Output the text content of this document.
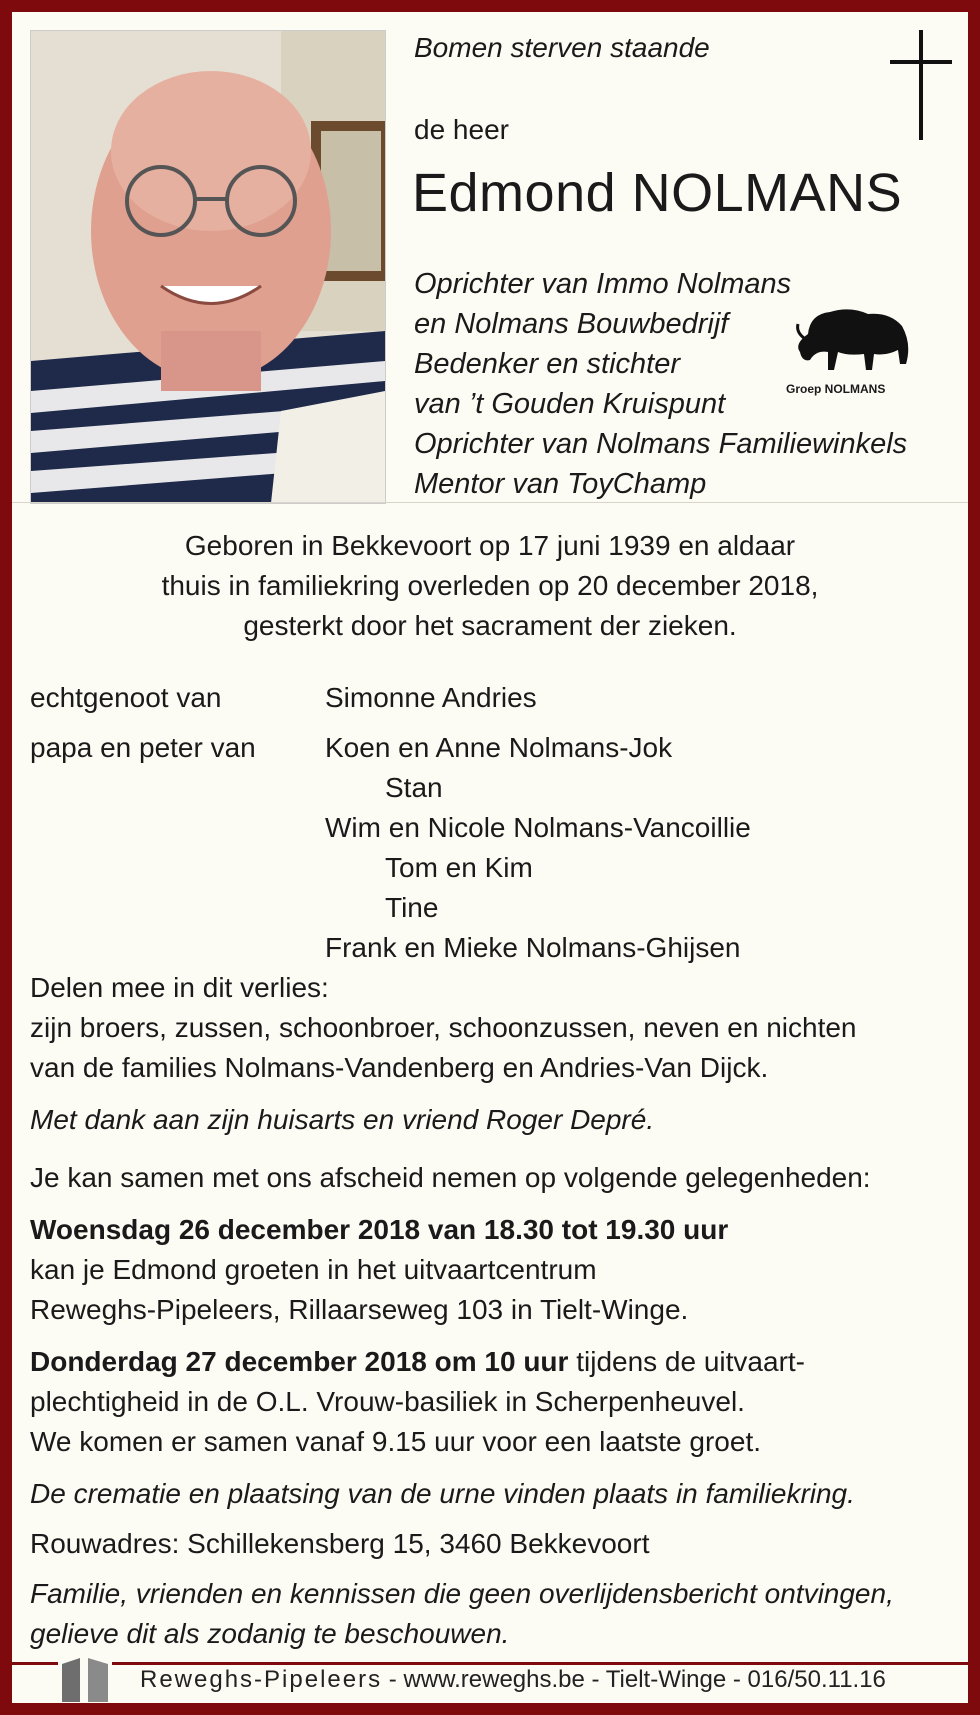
Bomen sterven staande
de heer
Edmond NOLMANS
Oprichter van Immo Nolmans
en Nolmans Bouwbedrijf
Bedenker en stichter
van ’t Gouden Kruispunt
Oprichter van Nolmans Familiewinkels
Mentor van ToyChamp
Groep NOLMANS
Geboren in Bekkevoort op 17 juni 1939 en aldaar
thuis in familiekring overleden op 20 december 2018,
gesterkt door het sacrament der zieken.
echtgenoot van	Simonne Andries
papa en peter van	Koen en Anne Nolmans-Jok
Stan
Wim en Nicole Nolmans-Vancoillie
Tom en Kim
Tine
Frank en Mieke Nolmans-Ghijsen
Delen mee in dit verlies:
zijn broers, zussen, schoonbroer, schoonzussen, neven en nichten
van de families Nolmans-Vandenberg en Andries-Van Dijck.
Met dank aan zijn huisarts en vriend Roger Depré.
Je kan samen met ons afscheid nemen op volgende gelegenheden:
Woensdag 26 december 2018 van 18.30 tot 19.30 uur
kan je Edmond groeten in het uitvaartcentrum
Reweghs-Pipeleers, Rillaarseweg 103 in Tielt-Winge.
Donderdag 27 december 2018 om 10 uur tijdens de uitvaart-
plechtigheid in de O.L. Vrouw-basiliek in Scherpenheuvel.
We komen er samen vanaf 9.15 uur voor een laatste groet.
De crematie en plaatsing van de urne vinden plaats in familiekring.
Rouwadres: Schillekensberg 15, 3460 Bekkevoort
Familie, vrienden en kennissen die geen overlijdensbericht ontvingen,
gelieve dit als zodanig te beschouwen.
Reweghs-Pipeleers - www.reweghs.be - Tielt-Winge - 016/50.11.16
